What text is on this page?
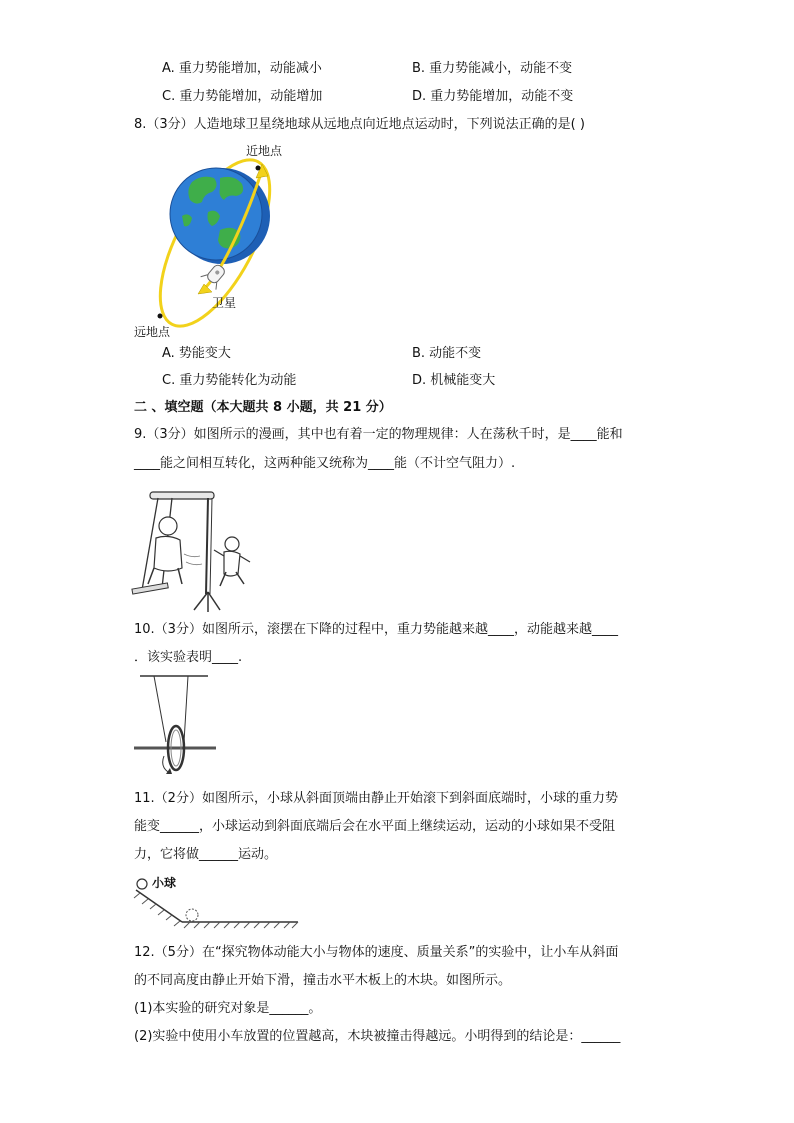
A. 重力势能增加，动能减小	B. 重力势能减小，动能不变
C. 重力势能增加，动能增加	D. 重力势能增加，动能不变
8.（3分）人造地球卫星绕地球从远地点向近地点运动时，下列说法正确的是( )
近地点
卫星
远地点
A. 势能变大	B. 动能不变
C. 重力势能转化为动能	D. 机械能变大
二 、填空题（本大题共 8 小题，共 21 分）
9.（3分）如图所示的漫画，其中也有着一定的物理规律：人在荡秋千时，是____能和
____能之间相互转化，这两种能又统称为____能（不计空气阻力）.
10.（3分）如图所示，滚摆在下降的过程中，重力势能越来越____，动能越来越____
．该实验表明____.
11.（2分）如图所示，小球从斜面顶端由静止开始滚下到斜面底端时，小球的重力势
能变______，小球运动到斜面底端后会在水平面上继续运动，运动的小球如果不受阻
力，它将做______运动。
小球
12.（5分）在“探究物体动能大小与物体的速度、质量关系”的实验中，让小车从斜面
的不同高度由静止开始下滑，撞击水平木板上的木块。如图所示。
(1)本实验的研究对象是______。
(2)实验中使用小车放置的位置越高，木块被撞击得越远。小明得到的结论是：______
